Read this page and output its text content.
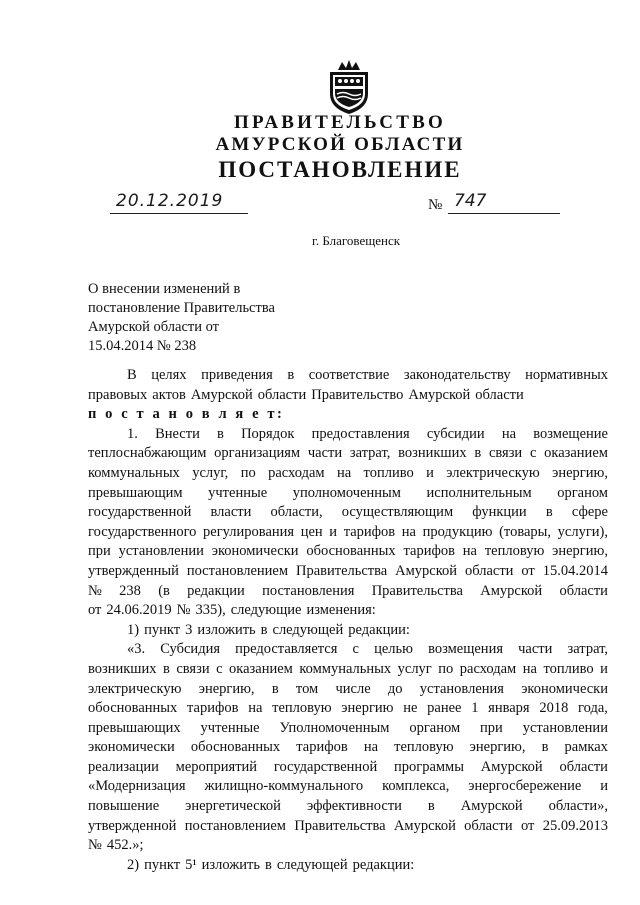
ПРАВИТЕЛЬСТВО
АМУРСКОЙ ОБЛАСТИ
ПОСТАНОВЛЕНИЕ
20.12.2019	№ 747
г. Благовещенск
О внесении изменений в
постановление Правительства
Амурской области от
15.04.2014 № 238
В целях приведения в соответствие законодательству нормативных
правовых актов Амурской области Правительство Амурской области
п о с т а н о в л я е т:
1. Внести в Порядок предоставления субсидии на возмещение
теплоснабжающим организациям части затрат, возникших в связи с оказанием
коммунальных услуг, по расходам на топливо и электрическую энергию,
превышающим учтенные уполномоченным исполнительным органом
государственной власти области, осуществляющим функции в сфере
государственного регулирования цен и тарифов на продукцию (товары, услуги),
при установлении экономически обоснованных тарифов на тепловую энергию,
утвержденный постановлением Правительства Амурской области от 15.04.2014
№ 238 (в редакции постановления Правительства Амурской области
от 24.06.2019 № 335), следующие изменения:
1) пункт 3 изложить в следующей редакции:
«3. Субсидия предоставляется с целью возмещения части затрат,
возникших в связи с оказанием коммунальных услуг по расходам на топливо и
электрическую энергию, в том числе до установления экономически
обоснованных тарифов на тепловую энергию не ранее 1 января 2018 года,
превышающих учтенные Уполномоченным органом при установлении
экономически обоснованных тарифов на тепловую энергию, в рамках
реализации мероприятий государственной программы Амурской области
«Модернизация жилищно-коммунального комплекса, энергосбережение и
повышение энергетической эффективности в Амурской области»,
утвержденной постановлением Правительства Амурской области от 25.09.2013
№ 452.»;
2) пункт 5¹ изложить в следующей редакции:
